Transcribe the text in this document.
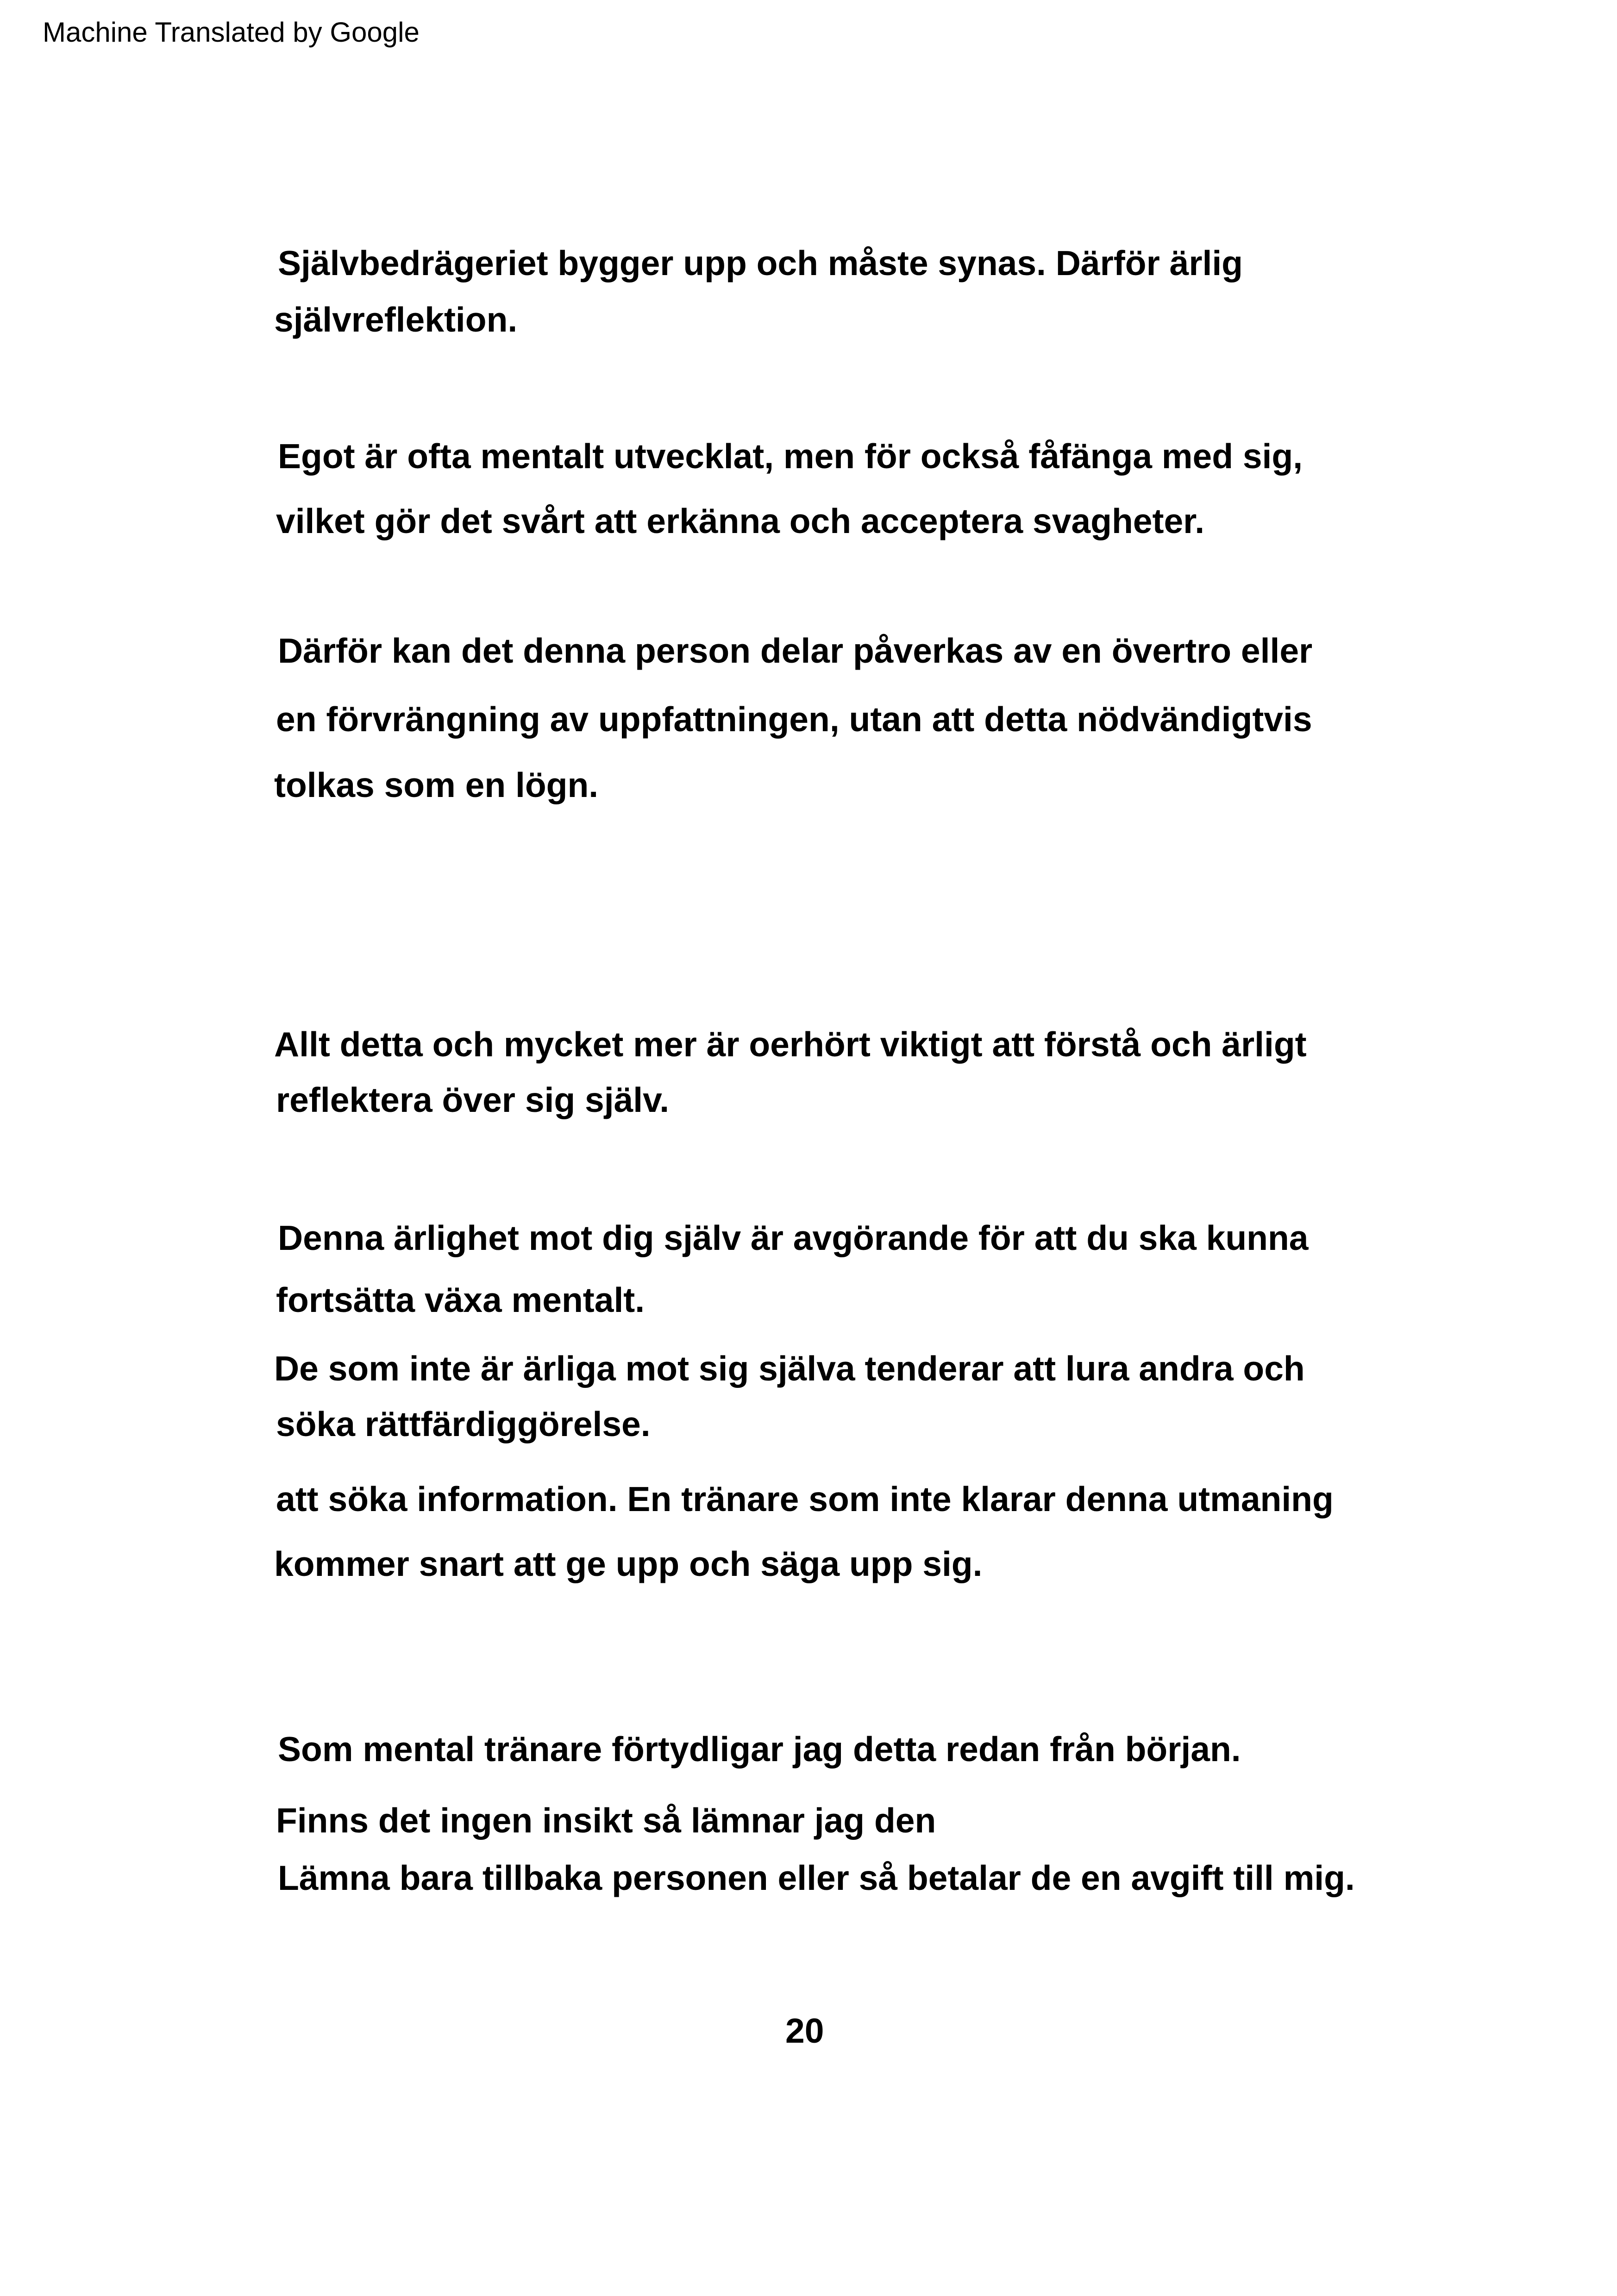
Machine Translated by Google
Självbedrägeriet bygger upp och måste synas. Därför ärlig
självreflektion.
Egot är ofta mentalt utvecklat, men för också fåfänga med sig,
vilket gör det svårt att erkänna och acceptera svagheter.
Därför kan det denna person delar påverkas av en övertro eller
en förvrängning av uppfattningen, utan att detta nödvändigtvis
tolkas som en lögn.
Allt detta och mycket mer är oerhört viktigt att förstå och ärligt
reflektera över sig själv.
Denna ärlighet mot dig själv är avgörande för att du ska kunna
fortsätta växa mentalt.
De som inte är ärliga mot sig själva tenderar att lura andra och
söka rättfärdiggörelse.
att söka information. En tränare som inte klarar denna utmaning
kommer snart att ge upp och säga upp sig.
Som mental tränare förtydligar jag detta redan från början.
Finns det ingen insikt så lämnar jag den
Lämna bara tillbaka personen eller så betalar de en avgift till mig.
20
